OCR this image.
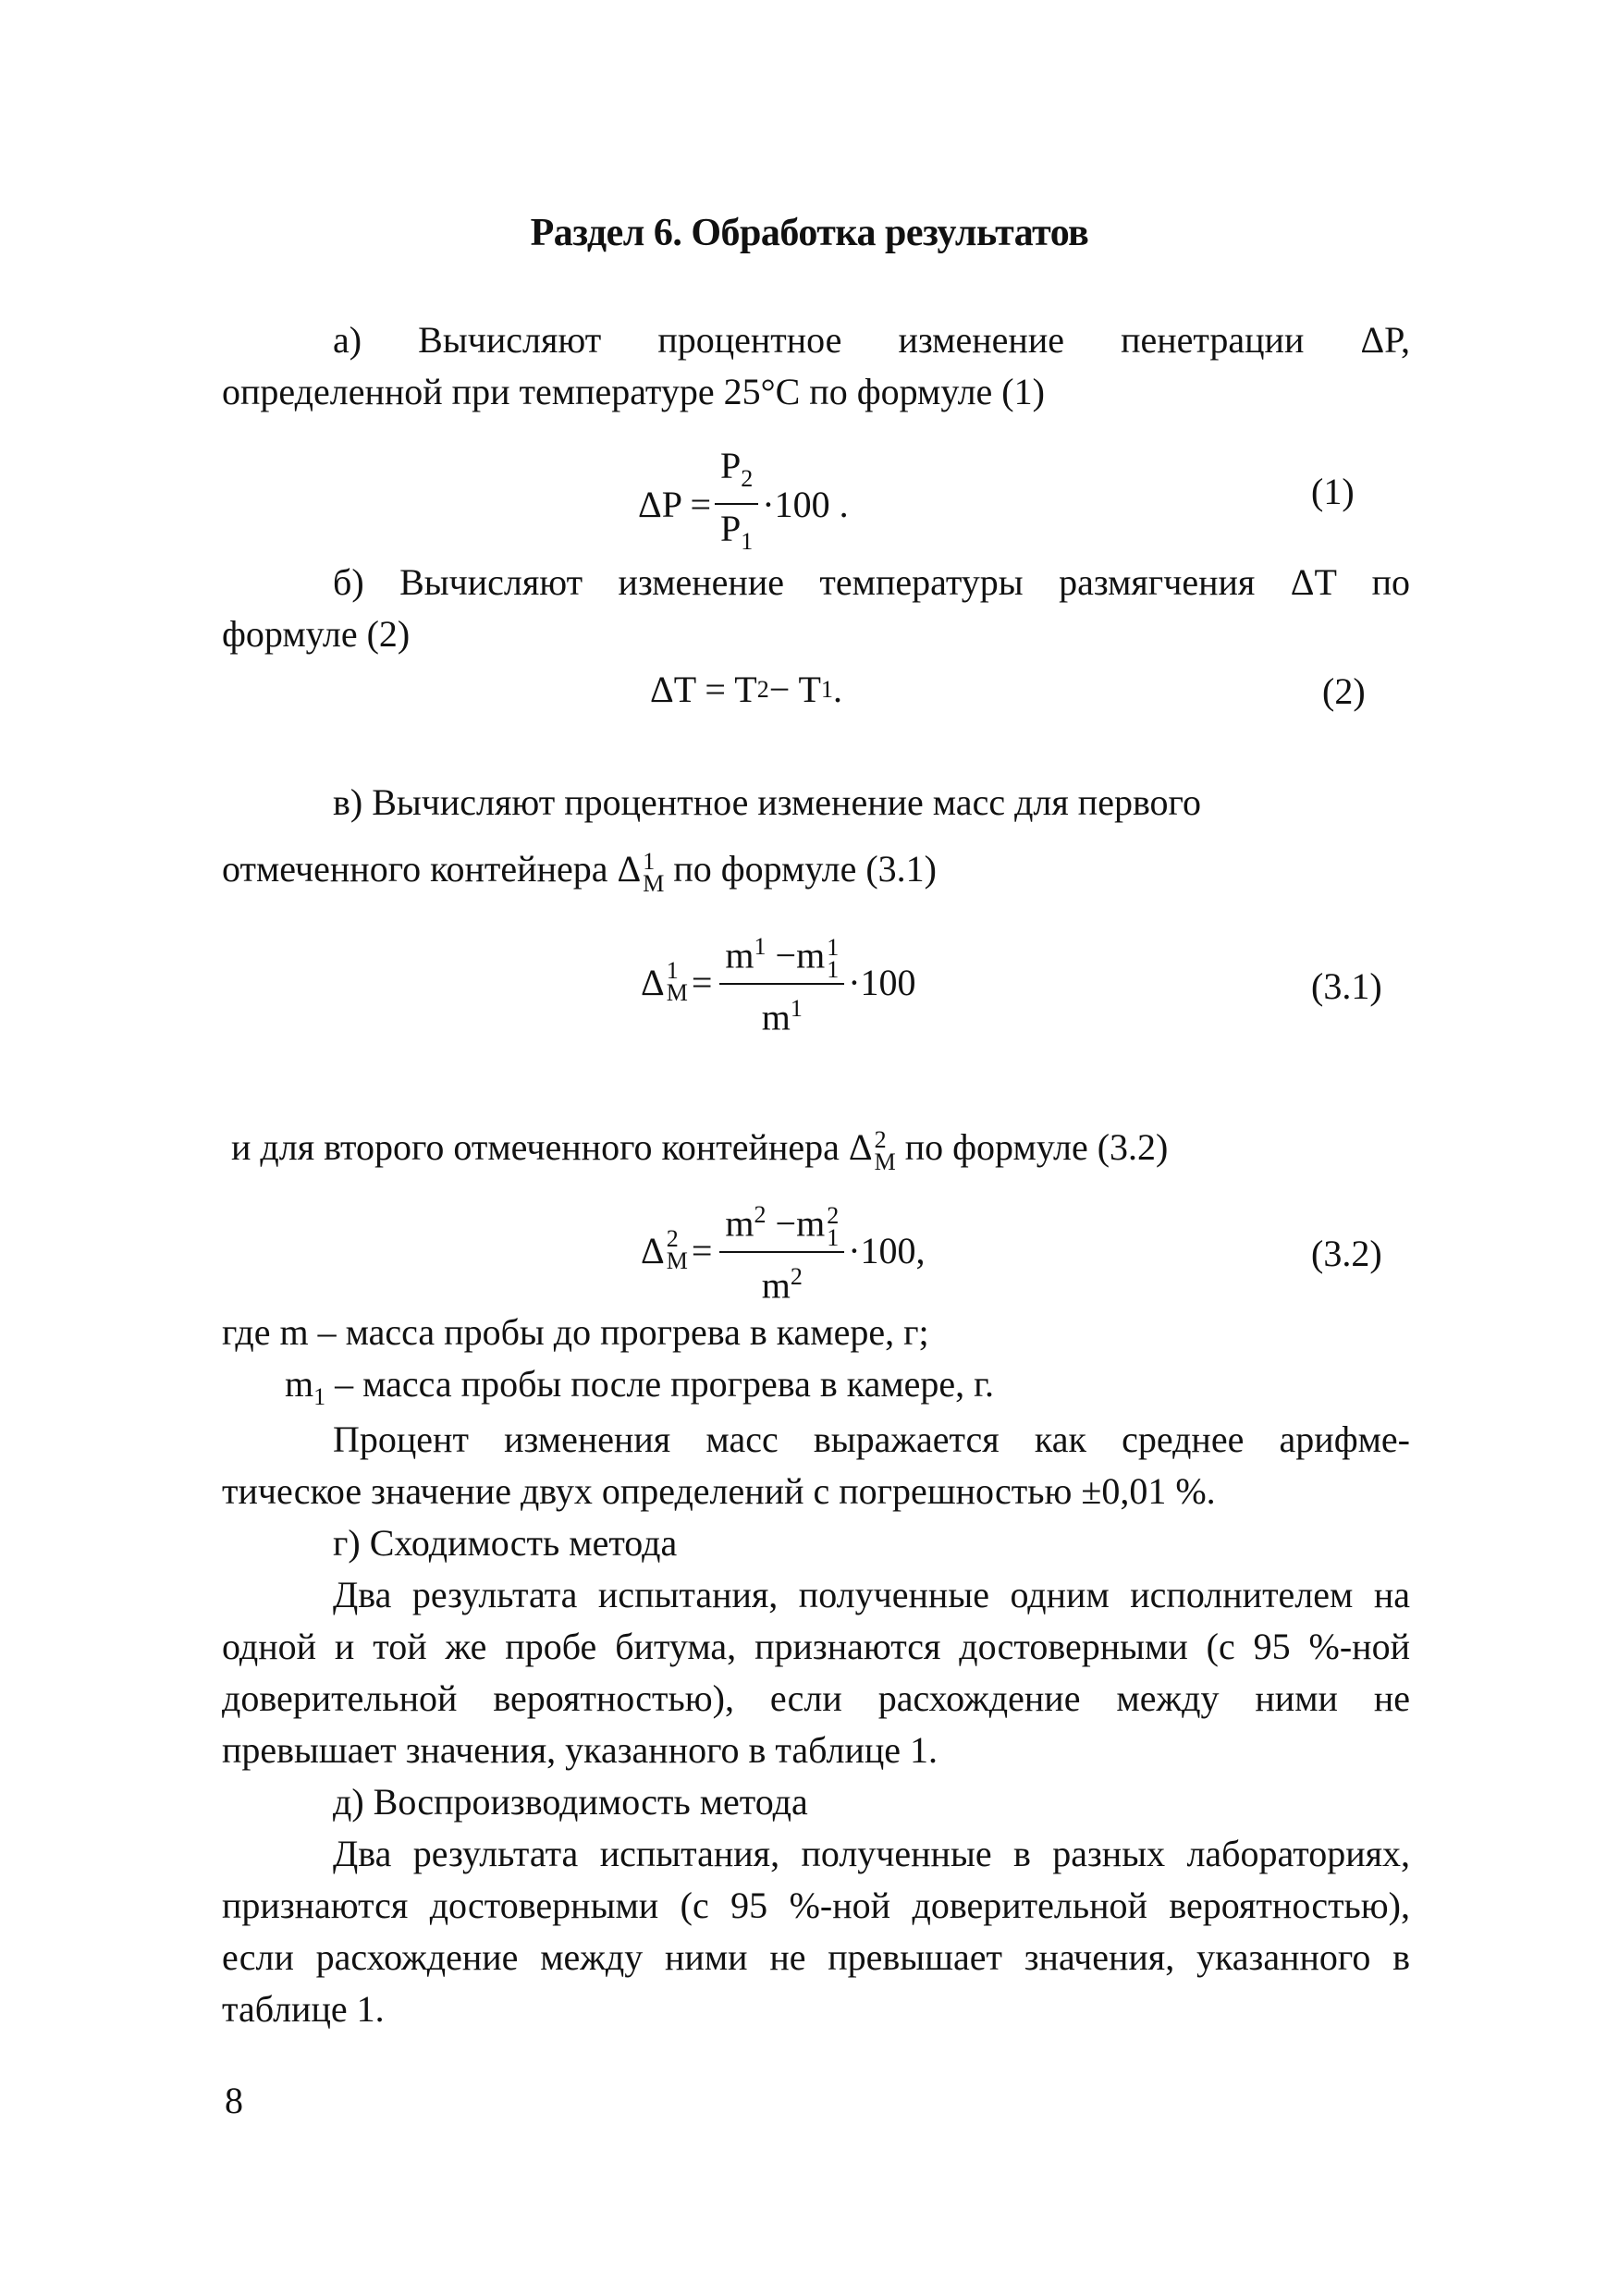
Раздел 6. Обработка результатов
а) Вычисляют процентное изменение пенетрации ΔP,
определенной при температуре 25°C по формуле (1)
$\Delta P = \frac{P_2}{P_1} \cdot 100$ .	(1)
б) Вычисляют изменение температуры размягчения ΔT по
формуле (2)
ΔT = T 2 − T 1 .	(2)
в) Вычисляют процентное изменение масс для первого
отмеченного контейнера Δ 1
M по формуле (3.1)
Δ 1
$M = m^1 -m$ 1
1
$m^1 \cdot 100$	(3.1)
и для второго отмеченного контейнера Δ 2
M по формуле (3.2)
Δ 2
$M = m^2 -m$ 2
1
$m^2 \cdot 100$,	(3.2)
где m – масса пробы до прогрева в камере, г;
$m_1$ – масса пробы после прогрева в камере, г.
Процент изменения масс выражается как среднее арифме-
тическое значение двух определений с погрешностью ±0,01 %.
г) Сходимость метода
Два результата испытания, полученные одним исполнителем на
одной и той же пробе битума, признаются достоверными (с 95 %-ной
доверительной вероятностью), если расхождение между ними не
превышает значения, указанного в таблице 1.
д) Воспроизводимость метода
Два результата испытания, полученные в разных лабораториях,
признаются достоверными (с 95 %-ной доверительной вероятностью),
если расхождение между ними не превышает значения, указанного в
таблице 1.
8
